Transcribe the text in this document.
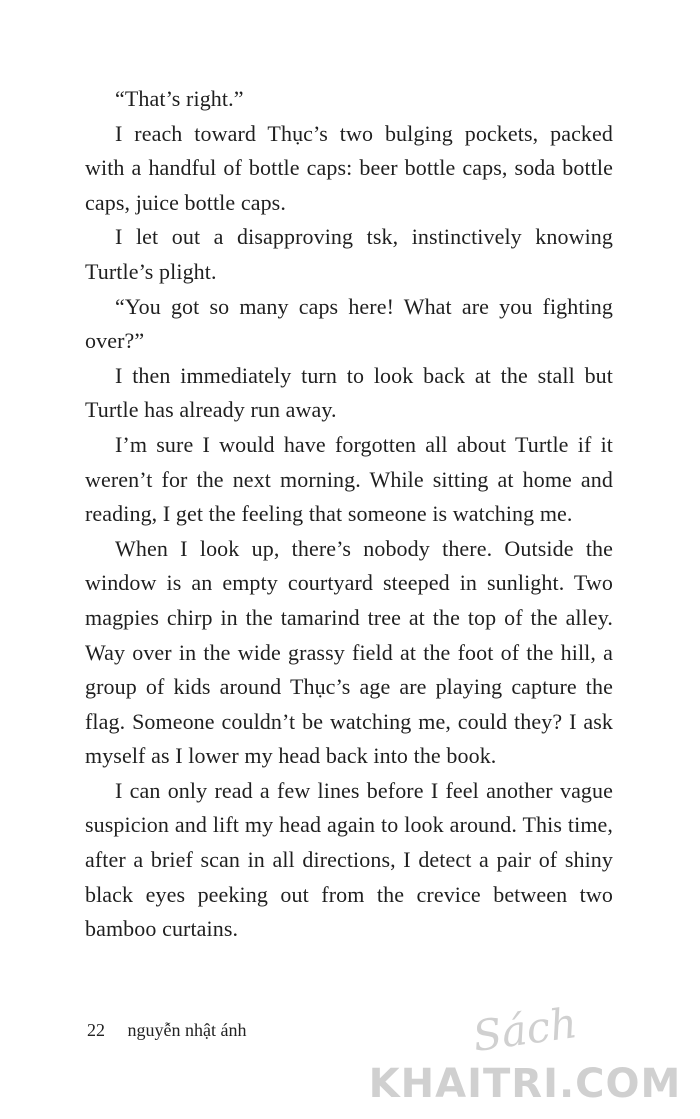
“That’s right.”

I reach toward Thục’s two bulging pockets, packed with a handful of bottle caps: beer bottle caps, soda bottle caps, juice bottle caps.

I let out a disapproving tsk, instinctively knowing Turtle’s plight.

“You got so many caps here! What are you fighting over?”

I then immediately turn to look back at the stall but Turtle has already run away.

I’m sure I would have forgotten all about Turtle if it weren’t for the next morning. While sitting at home and reading, I get the feeling that someone is watching me.

When I look up, there’s nobody there. Outside the window is an empty courtyard steeped in sunlight. Two magpies chirp in the tamarind tree at the top of the alley. Way over in the wide grassy field at the foot of the hill, a group of kids around Thục’s age are playing capture the flag. Someone couldn’t be watching me, could they? I ask myself as I lower my head back into the book.

I can only read a few lines before I feel another vague suspicion and lift my head again to look around. This time, after a brief scan in all directions, I detect a pair of shiny black eyes peeking out from the crevice between two bamboo curtains.

22 nguyễn nhật ánh	Sách
KHAITRI.COM
